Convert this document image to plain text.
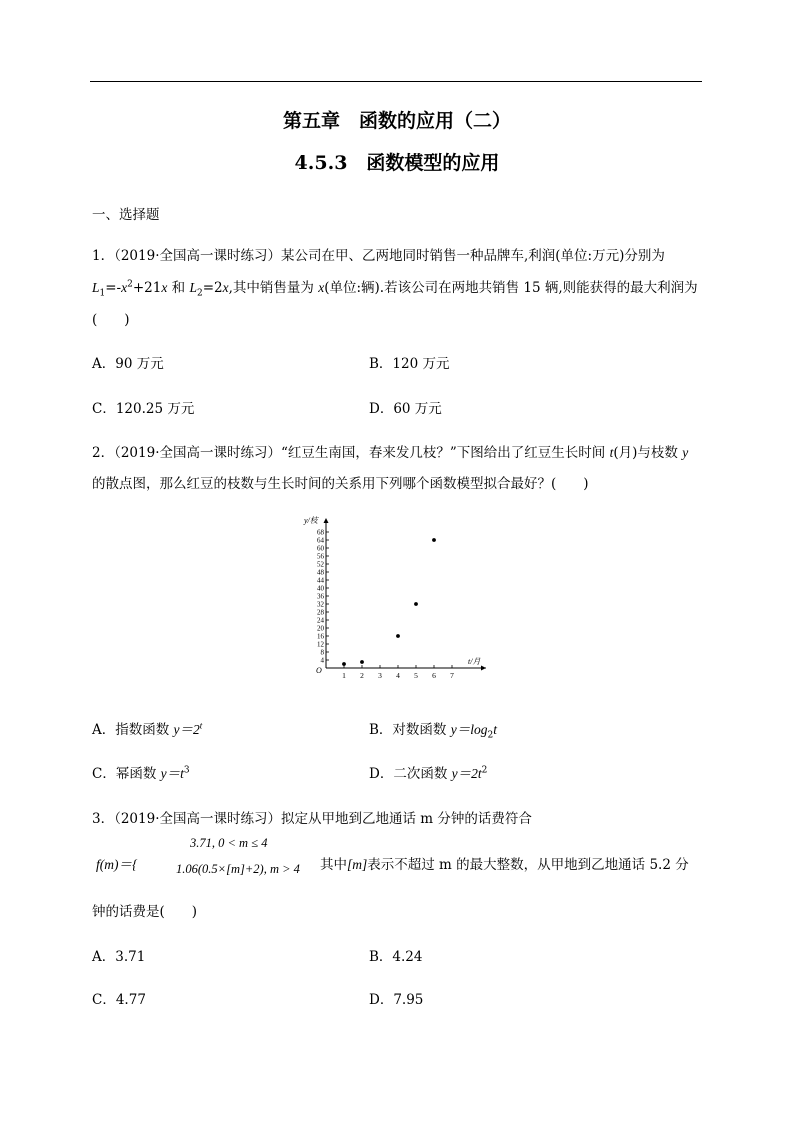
第五章　函数的应用（二）
4.5.3　函数模型的应用
一、选择题
1．（2019·全国高一课时练习）某公司在甲、乙两地同时销售一种品牌车,利润(单位:万元)分别为
$L_1=-x^2+21x$ 和 $L_2=2x$,其中销售量为 x(单位:辆).若该公司在两地共销售 15 辆,则能获得的最大利润为
(　　)
A．90 万元	B．120 万元
C．120.25 万元	D．60 万元
2．（2019·全国高一课时练习）“红豆生南国，春来发几枝？”下图给出了红豆生长时间 t(月)与枝数 y
的散点图，那么红豆的枝数与生长时间的关系用下列哪个函数模型拟合最好？(　　)
y/枝
t/月
O
4
8
12
16
20
24
28
32
36
40
44
48
52
56
60
64
68
1 2 3 4 5 6 7
A．指数函数 $y=2^t$	B．对数函数 $y=\log_2t$
C．幂函数 $y=t^3$	D．二次函数 $y=2t^2$
3．（2019·全国高一课时练习）拟定从甲地到乙地通话 m 分钟的话费符合
f(m)＝{
3.71, 0 < m ≤ 4
1.06(0.5×[m]+2), m > 4 其中[m]表示不超过 m 的最大整数，从甲地到乙地通话 5.2 分
钟的话费是(　　)
A．3.71	B．4.24
C．4.77	D．7.95
